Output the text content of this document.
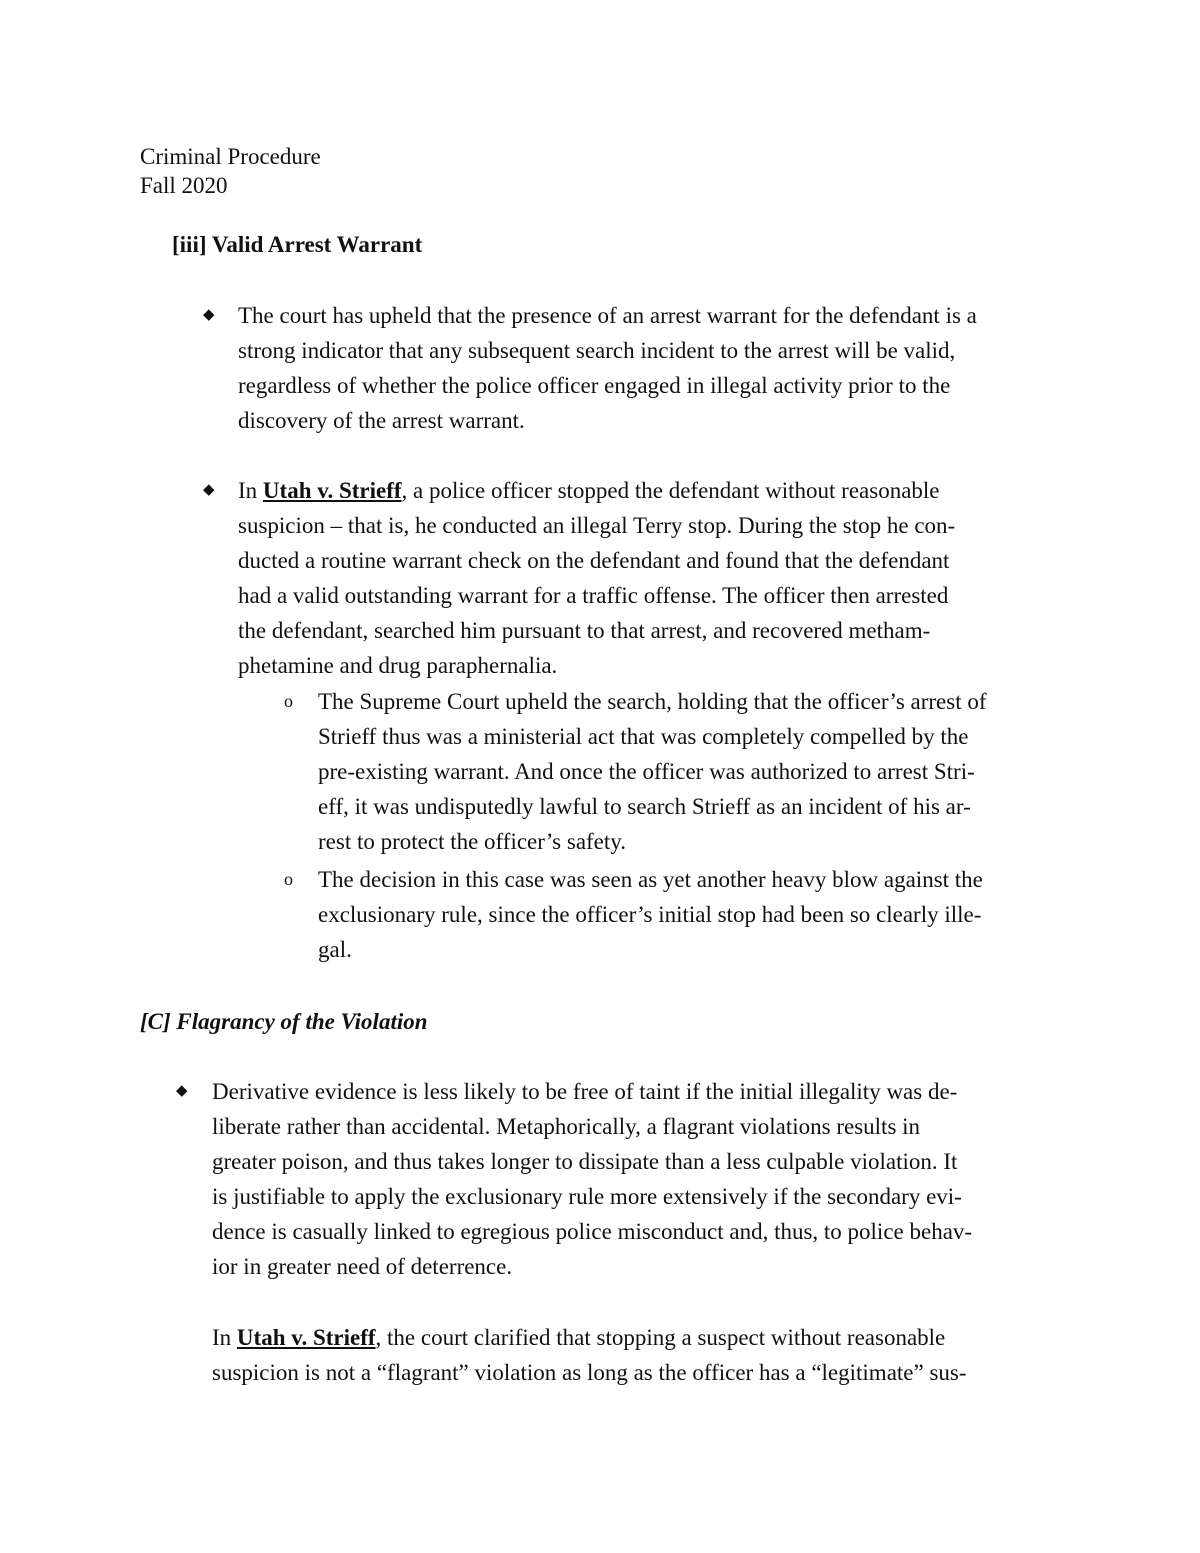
Criminal Procedure
Fall 2020
[iii] Valid Arrest Warrant
◆ The court has upheld that the presence of an arrest warrant for the defendant is a
strong indicator that any subsequent search incident to the arrest will be valid,
regardless of whether the police officer engaged in illegal activity prior to the
discovery of the arrest warrant.
◆ In Utah v. Strieff, a police officer stopped the defendant without reasonable
suspicion – that is, he conducted an illegal Terry stop. During the stop he con-
ducted a routine warrant check on the defendant and found that the defendant
had a valid outstanding warrant for a traffic offense. The officer then arrested
the defendant, searched him pursuant to that arrest, and recovered metham-
phetamine and drug paraphernalia.
o The Supreme Court upheld the search, holding that the officer’s arrest of
Strieff thus was a ministerial act that was completely compelled by the
pre-existing warrant. And once the officer was authorized to arrest Stri-
eff, it was undisputedly lawful to search Strieff as an incident of his ar-
rest to protect the officer’s safety.
o The decision in this case was seen as yet another heavy blow against the
exclusionary rule, since the officer’s initial stop had been so clearly ille-
gal.
[C] Flagrancy of the Violation
◆ Derivative evidence is less likely to be free of taint if the initial illegality was de-
liberate rather than accidental. Metaphorically, a flagrant violations results in
greater poison, and thus takes longer to dissipate than a less culpable violation. It
is justifiable to apply the exclusionary rule more extensively if the secondary evi-
dence is casually linked to egregious police misconduct and, thus, to police behav-
ior in greater need of deterrence.
In Utah v. Strieff, the court clarified that stopping a suspect without reasonable
suspicion is not a “flagrant” violation as long as the officer has a “legitimate” sus-
